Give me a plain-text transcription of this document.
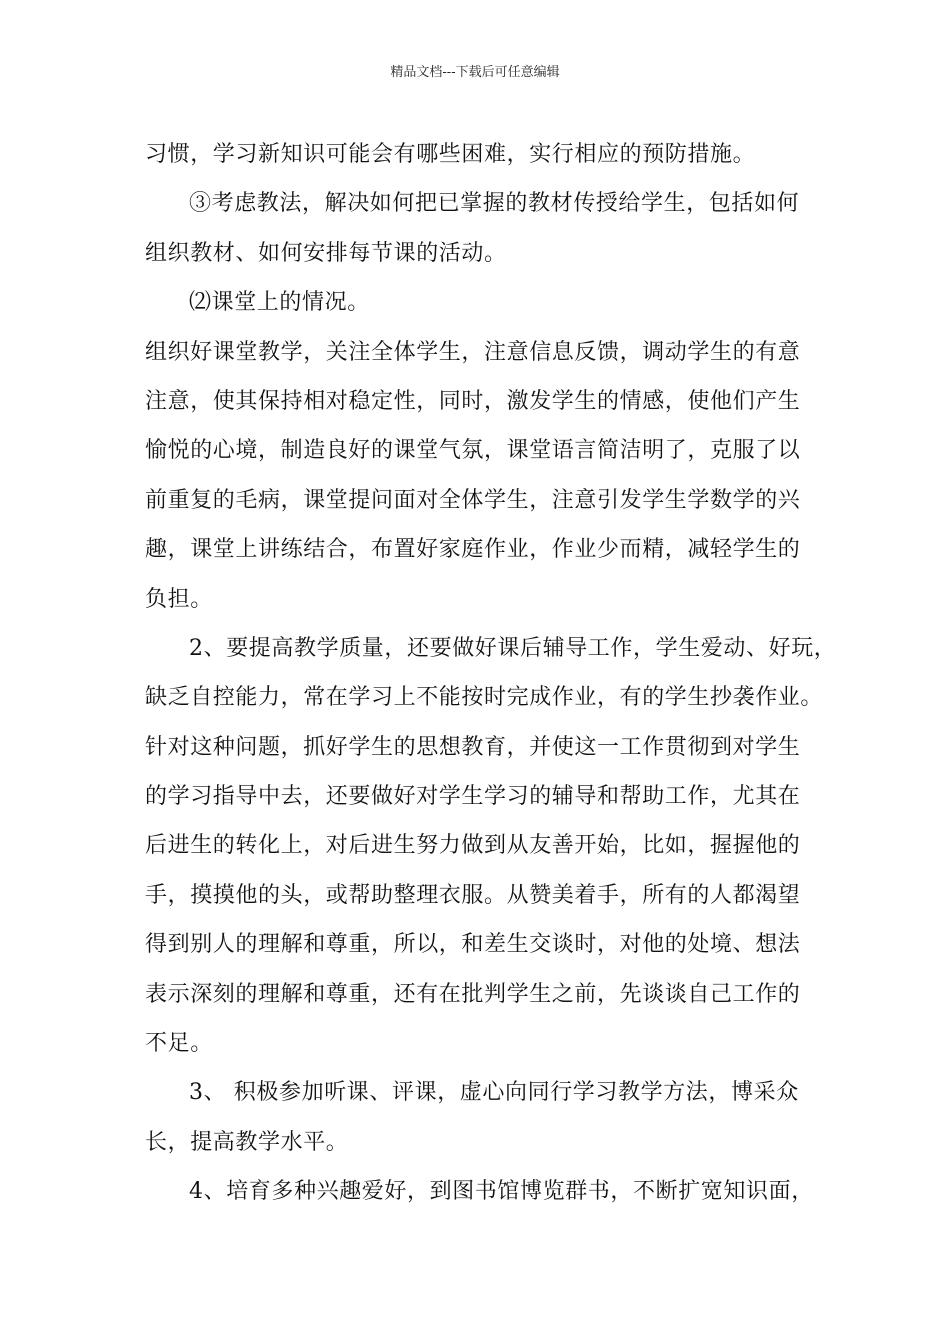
精品文档---下载后可任意编辑
习惯，学习新知识可能会有哪些困难，实行相应的预防措施。
③考虑教法，解决如何把已掌握的教材传授给学生，包括如何
组织教材、如何安排每节课的活动。
⑵课堂上的情况。
组织好课堂教学，关注全体学生，注意信息反馈，调动学生的有意
注意，使其保持相对稳定性，同时，激发学生的情感，使他们产生
愉悦的心境，制造良好的课堂气氛，课堂语言简洁明了，克服了以
前重复的毛病，课堂提问面对全体学生，注意引发学生学数学的兴
趣，课堂上讲练结合，布置好家庭作业，作业少而精，减轻学生的
负担。
2、要提高教学质量，还要做好课后辅导工作，学生爱动、好玩，
缺乏自控能力，常在学习上不能按时完成作业，有的学生抄袭作业。
针对这种问题，抓好学生的思想教育，并使这一工作贯彻到对学生
的学习指导中去，还要做好对学生学习的辅导和帮助工作，尤其在
后进生的转化上，对后进生努力做到从友善开始，比如，握握他的
手，摸摸他的头，或帮助整理衣服。从赞美着手，所有的人都渴望
得到别人的理解和尊重，所以，和差生交谈时，对他的处境、想法
表示深刻的理解和尊重，还有在批判学生之前，先谈谈自己工作的
不足。
3、 积极参加听课、评课，虚心向同行学习教学方法，博采众
长，提高教学水平。
4、培育多种兴趣爱好，到图书馆博览群书，不断扩宽知识面，
